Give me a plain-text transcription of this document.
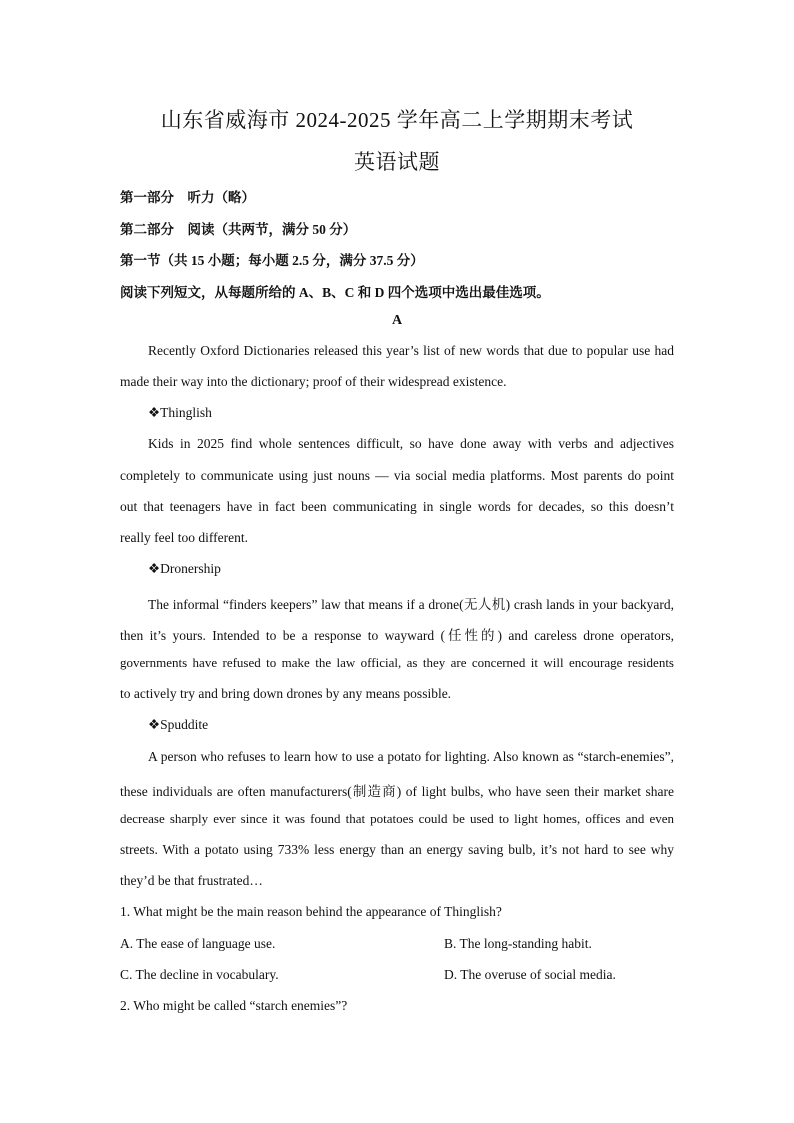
山东省威海市 2024-2025 学年高二上学期期末考试
英语试题
第一部分　听力（略）
第二部分　阅读（共两节，满分 50 分）
第一节（共 15 小题；每小题 2.5 分，满分 37.5 分）
阅读下列短文，从每题所给的 A、B、C 和 D 四个选项中选出最佳选项。
A
Recently Oxford Dictionaries released this year’s list of new words that due to popular use had
made their way into the dictionary; proof of their widespread existence.
❖Thinglish
Kids in 2025 find whole sentences difficult, so have done away with verbs and adjectives
completely to communicate using just nouns — via social media platforms. Most parents do point
out that teenagers have in fact been communicating in single words for decades, so this doesn’t
really feel too different.
❖Dronership
The informal “finders keepers” law that means if a drone(无人机) crash lands in your backyard,
then it’s yours. Intended to be a response to wayward (任性的) and careless drone operators,
governments have refused to make the law official, as they are concerned it will encourage residents
to actively try and bring down drones by any means possible.
❖Spuddite
A person who refuses to learn how to use a potato for lighting. Also known as “starch-enemies”,
these individuals are often manufacturers(制造商) of light bulbs, who have seen their market share
decrease sharply ever since it was found that potatoes could be used to light homes, offices and even
streets. With a potato using 733% less energy than an energy saving bulb, it’s not hard to see why
they’d be that frustrated…
1. What might be the main reason behind the appearance of Thinglish?
A. The ease of language use.	B. The long-standing habit.
C. The decline in vocabulary.	D. The overuse of social media.
2. Who might be called “starch enemies”?
